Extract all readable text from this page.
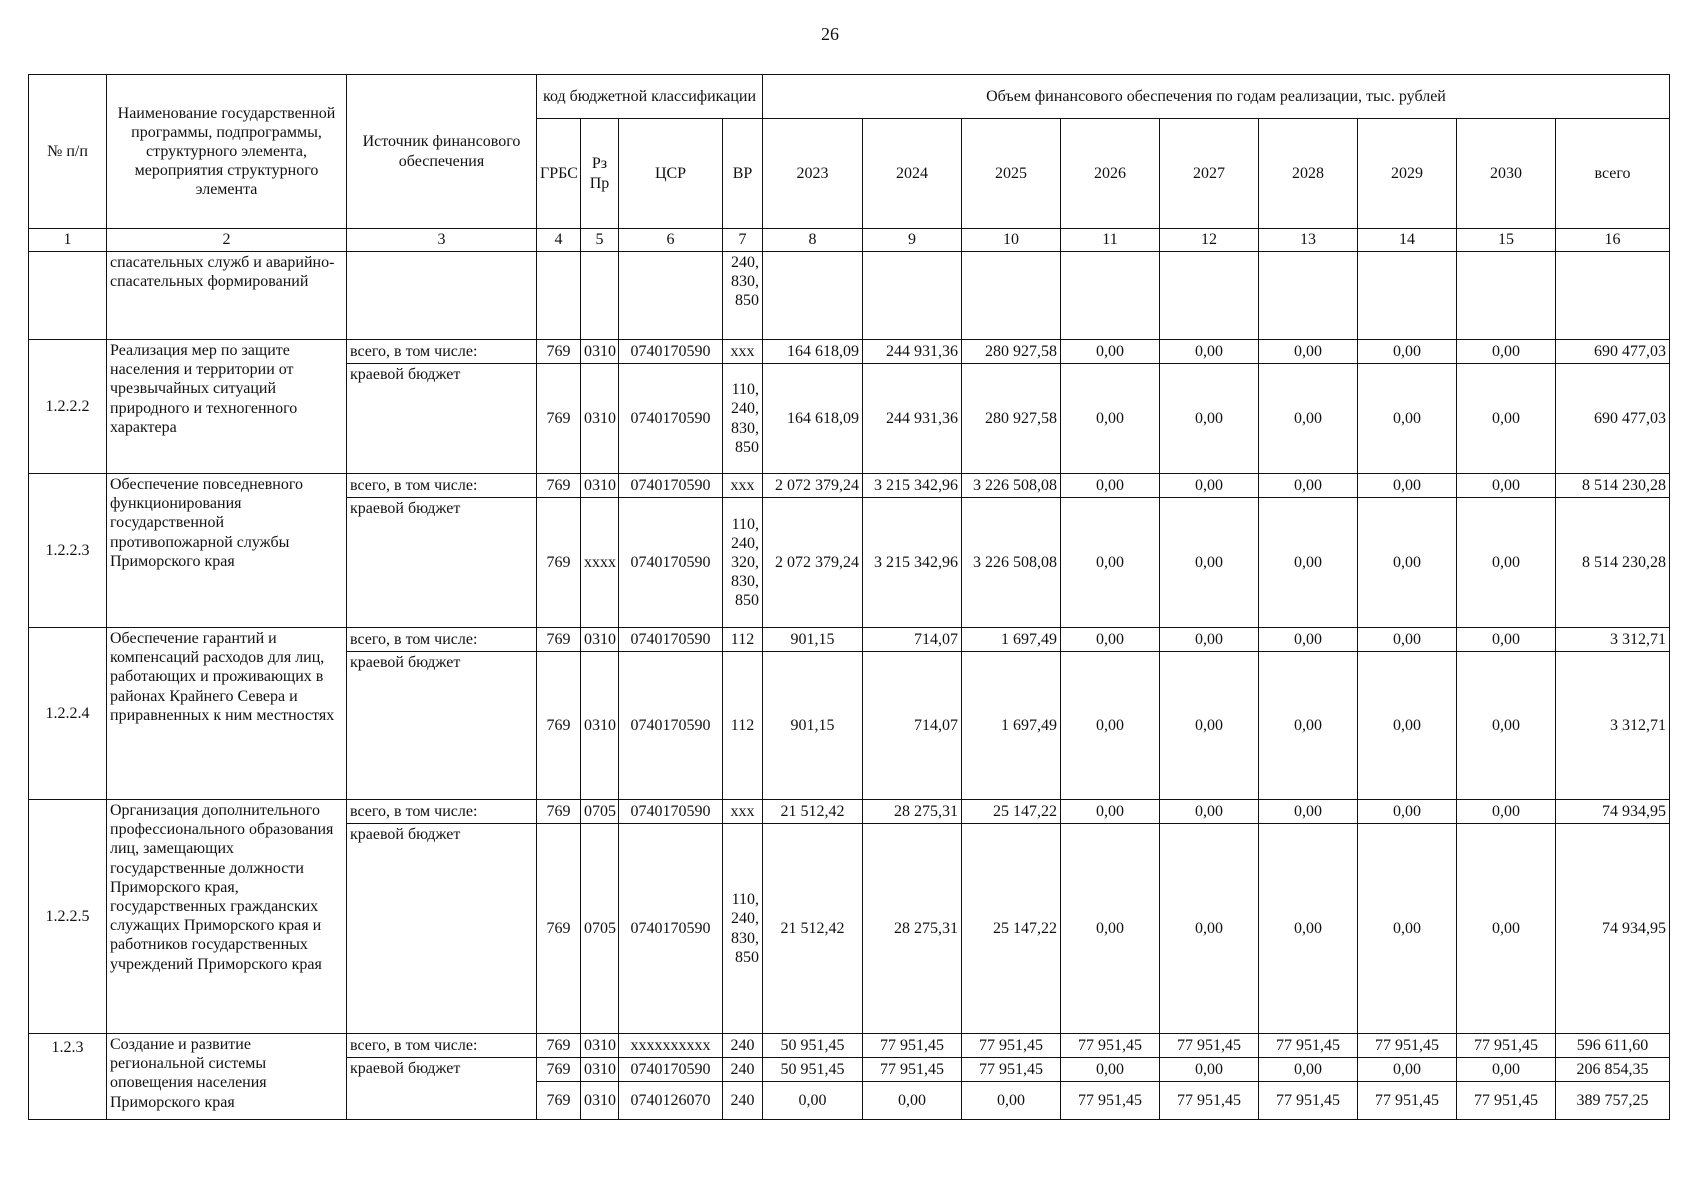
26
№ п/п	Наименование государственной программы, подпрограммы, структурного элемента, мероприятия структурного элемента	Источник финансового обеспечения	код бюджетной классификации				Объем финансового обеспечения по годам реализации, тыс. рублей								
			ГРБС	Рз Пр	ЦСР	ВР	2023	2024	2025	2026	2027	2028	2029	2030	всего
1	2	3	4	5	6	7	8	9	10	11	12	13	14	15	16
	спасательных служб и аварийно-спасательных формирований					240, 830, 850									
1.2.2.2	Реализация мер по защите населения и территории от чрезвычайных ситуаций природного и техногенного характера	всего, в том числе:	769	0310	0740170590	xxx	164 618,09	244 931,36	280 927,58	0,00	0,00	0,00	0,00	0,00	690 477,03
		краевой бюджет	769	0310	0740170590	110, 240, 830, 850	164 618,09	244 931,36	280 927,58	0,00	0,00	0,00	0,00	0,00	690 477,03
1.2.2.3	Обеспечение повседневного функционирования государственной противопожарной службы Приморского края	всего, в том числе:	769	0310	0740170590	xxx	2 072 379,24	3 215 342,96	3 226 508,08	0,00	0,00	0,00	0,00	0,00	8 514 230,28
		краевой бюджет	769	xxxx	0740170590	110, 240, 320, 830, 850	2 072 379,24	3 215 342,96	3 226 508,08	0,00	0,00	0,00	0,00	0,00	8 514 230,28
1.2.2.4	Обеспечение гарантий и компенсаций расходов для лиц, работающих и проживающих в районах Крайнего Севера и приравненных к ним местностях	всего, в том числе:	769	0310	0740170590	112	901,15	714,07	1 697,49	0,00	0,00	0,00	0,00	0,00	3 312,71
		краевой бюджет	769	0310	0740170590	112	901,15	714,07	1 697,49	0,00	0,00	0,00	0,00	0,00	3 312,71
1.2.2.5	Организация дополнительного профессионального образования лиц, замещающих государственные должности Приморского края, государственных гражданских служащих Приморского края и работников государственных учреждений Приморского края	всего, в том числе:	769	0705	0740170590	xxx	21 512,42	28 275,31	25 147,22	0,00	0,00	0,00	0,00	0,00	74 934,95
		краевой бюджет	769	0705	0740170590	110, 240, 830, 850	21 512,42	28 275,31	25 147,22	0,00	0,00	0,00	0,00	0,00	74 934,95
1.2.3	Создание и развитие региональной системы оповещения населения Приморского края	всего, в том числе:	769	0310	xxxxxxxxxx	240	50 951,45	77 951,45	77 951,45	77 951,45	77 951,45	77 951,45	77 951,45	77 951,45	596 611,60
		краевой бюджет	769	0310	0740170590	240	50 951,45	77 951,45	77 951,45	0,00	0,00	0,00	0,00	0,00	206 854,35
			769	0310	0740126070	240	0,00	0,00	0,00	77 951,45	77 951,45	77 951,45	77 951,45	77 951,45	389 757,25
